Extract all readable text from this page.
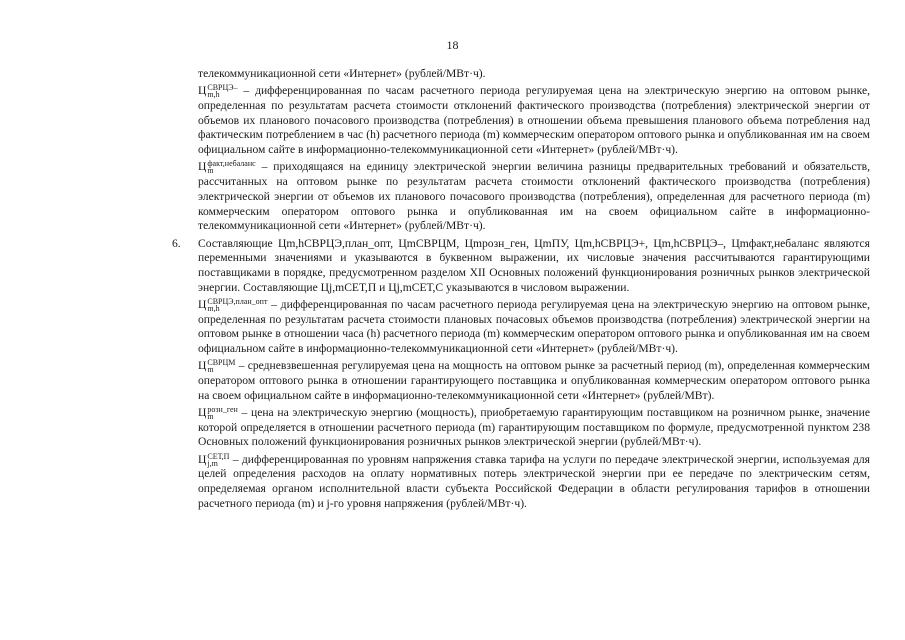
18

телекоммуникационной сети «Интернет» (рублей/МВт·ч).

Ц СВРЦЭ–
m,h	– дифференцированная по часам расчетного периода регулируемая цена на электрическую энергию на оптовом рынке, определенная по результатам расчета стоимости отклонений фактического производства (потребления) электрической энергии от объемов их планового почасового производства (потребления) в отношении объема превышения планового объема потребления над фактическим потреблением в час (h) расчетного периода (m) коммерческим оператором оптового рынка и опубликованная им на своем официальном сайте в информационно-телекоммуникационной сети «Интернет» (рублей/МВт·ч).

Ц факт,небаланс
m	– приходящаяся на единицу электрической энергии величина разницы предварительных требований и обязательств, рассчитанных на оптовом рынке по результатам расчета стоимости отклонений фактического производства (потребления) электрической энергии от объемов их планового почасового производства (потребления), определенная для расчетного периода (m) коммерческим оператором оптового рынка и опубликованная им на своем официальном сайте в информационно-телекоммуникационной сети «Интернет» (рублей/МВт·ч).

6. Составляющие Цm,hСВРЦЭ,план_опт, ЦmСВРЦМ, Цmрозн_ген, ЦmПУ, Цm,hСВРЦЭ+, Цm,hСВРЦЭ–, Цmфакт,небаланс являются переменными значениями и указываются в буквенном выражении, их числовые значения рассчитываются гарантирующими поставщиками в порядке, предусмотренном разделом XII Основных положений функционирования розничных рынков электрической энергии. Составляющие Цj,mСЕТ,П и Цj,mСЕТ,С указываются в числовом выражении.

Ц СВРЦЭ,план_опт
m,h	– дифференцированная по часам расчетного периода регулируемая цена на электрическую энергию на оптовом рынке, определенная по результатам расчета стоимости плановых почасовых объемов производства (потребления) электрической энергии на оптовом рынке в отношении часа (h) расчетного периода (m) коммерческим оператором оптового рынка и опубликованная им на своем официальном сайте в информационно-телекоммуникационной сети «Интернет» (рублей/МВт·ч).

Ц СВРЦМ
m	– средневзвешенная регулируемая цена на мощность на оптовом рынке за расчетный период (m), определенная коммерческим оператором оптового рынка в отношении гарантирующего поставщика и опубликованная коммерческим оператором оптового рынка на своем официальном сайте в информационно-телекоммуникационной сети «Интернет» (рублей/МВт).

Ц розн_ген
m	– цена на электрическую энергию (мощность), приобретаемую гарантирующим поставщиком на розничном рынке, значение которой определяется в отношении расчетного периода (m) гарантирующим поставщиком по формуле, предусмотренной пунктом 238 Основных положений функционирования розничных рынков электрической энергии (рублей/МВт·ч).

Ц СЕТ,П
j,m	– дифференцированная по уровням напряжения ставка тарифа на услуги по передаче электрической энергии, используемая для целей определения расходов на оплату нормативных потерь электрической энергии при ее передаче по электрическим сетям, определяемая органом исполнительной власти субъекта Российской Федерации в области регулирования тарифов в отношении расчетного периода (m) и j-го уровня напряжения (рублей/МВт·ч).
